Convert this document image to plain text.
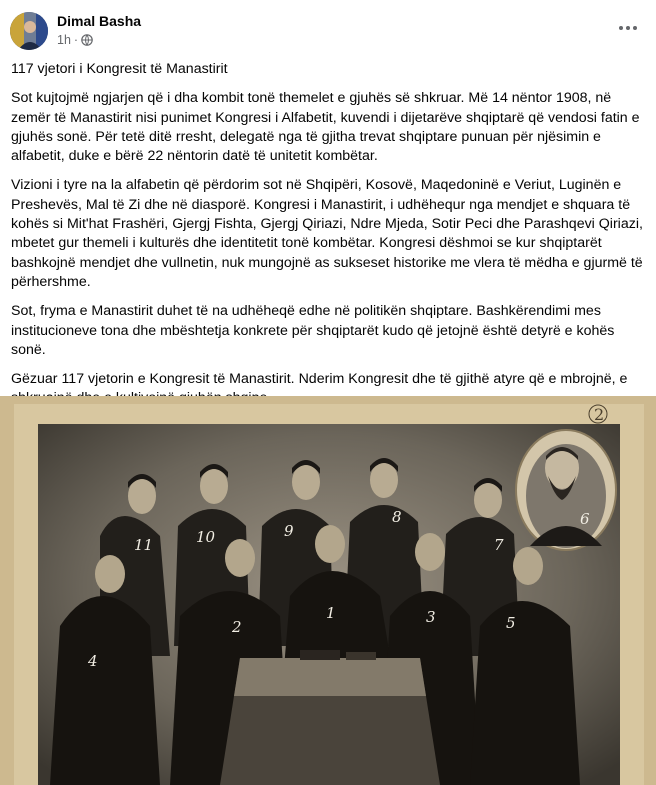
Dimal Basha
1h ·

117 vjetori i Kongresit të Manastirit

Sot kujtojmë ngjarjen që i dha kombit tonë themelet e gjuhës së shkruar. Më 14 nëntor 1908, në zemër të Manastirit nisi punimet Kongresi i Alfabetit, kuvendi i dijetarëve shqiptarë që vendosi fatin e gjuhës sonë. Për tetë ditë rresht, delegatë nga të gjitha trevat shqiptare punuan për njësimin e alfabetit, duke e bërë 22 nëntorin datë të unitetit kombëtar.

Vizioni i tyre na la alfabetin që përdorim sot në Shqipëri, Kosovë, Maqedoninë e Veriut, Luginën e Preshevës, Mal të Zi dhe në diasporë. Kongresi i Manastirit, i udhëhequr nga mendjet e shquara të kohës si Mit'hat Frashëri, Gjergj Fishta, Gjergj Qiriazi, Ndre Mjeda, Sotir Peci dhe Parashqevi Qiriazi, mbetet gur themeli i kulturës dhe identitetit tonë kombëtar. Kongresi dëshmoi se kur shqiptarët bashkojnë mendjet dhe vullnetin, nuk mungojnë as sukseset historike me vlera të mëdha e gjurmë të përhershme.

Sot, fryma e Manastirit duhet të na udhëheqë edhe në politikën shqiptare. Bashkërendimi mes institucioneve tona dhe mbështetja konkrete për shqiptarët kudo që jetojnë është detyrë e kohës sonë.

Gëzuar 117 vjetorin e Kongresit të Manastirit. Nderim Kongresit dhe të gjithë atyre që e mbrojnë, e

11	10	9
8
7
6
4
2
1	3	5
2
